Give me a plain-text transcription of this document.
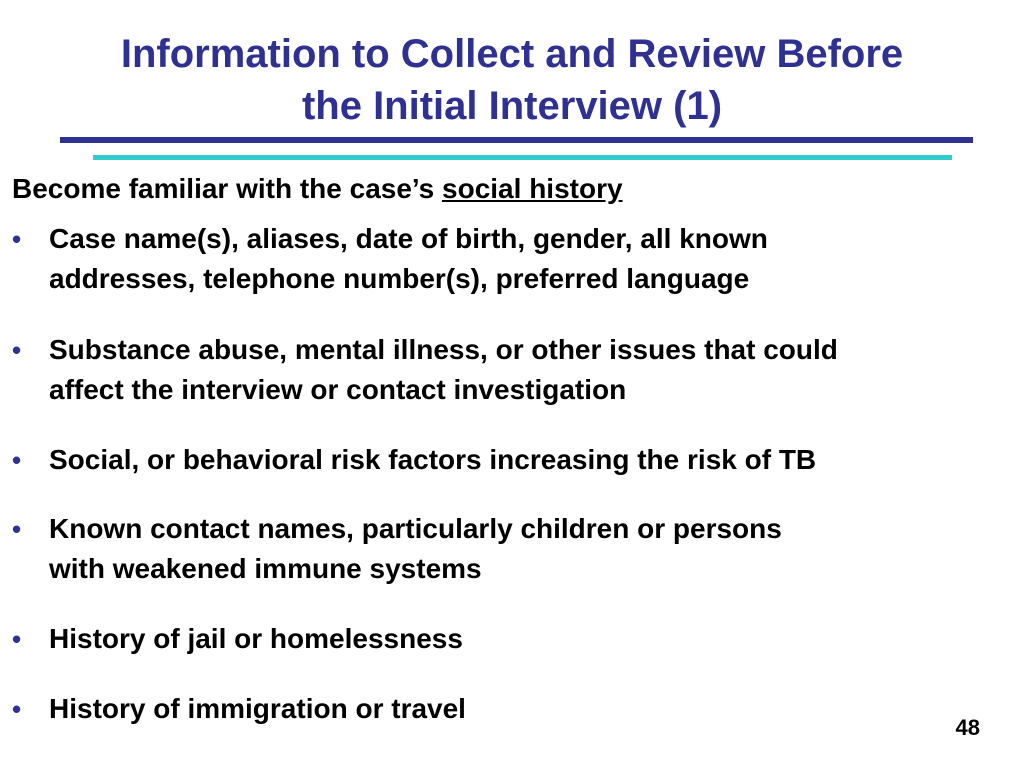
Information to Collect and Review Before
the Initial Interview (1)
Become familiar with the case’s social history
• Case name(s), aliases, date of birth, gender, all known
addresses, telephone number(s), preferred language
• Substance abuse, mental illness, or other issues that could
affect the interview or contact investigation
• Social, or behavioral risk factors increasing the risk of TB
• Known contact names, particularly children or persons
with weakened immune systems
• History of jail or homelessness
• History of immigration or travel
48
